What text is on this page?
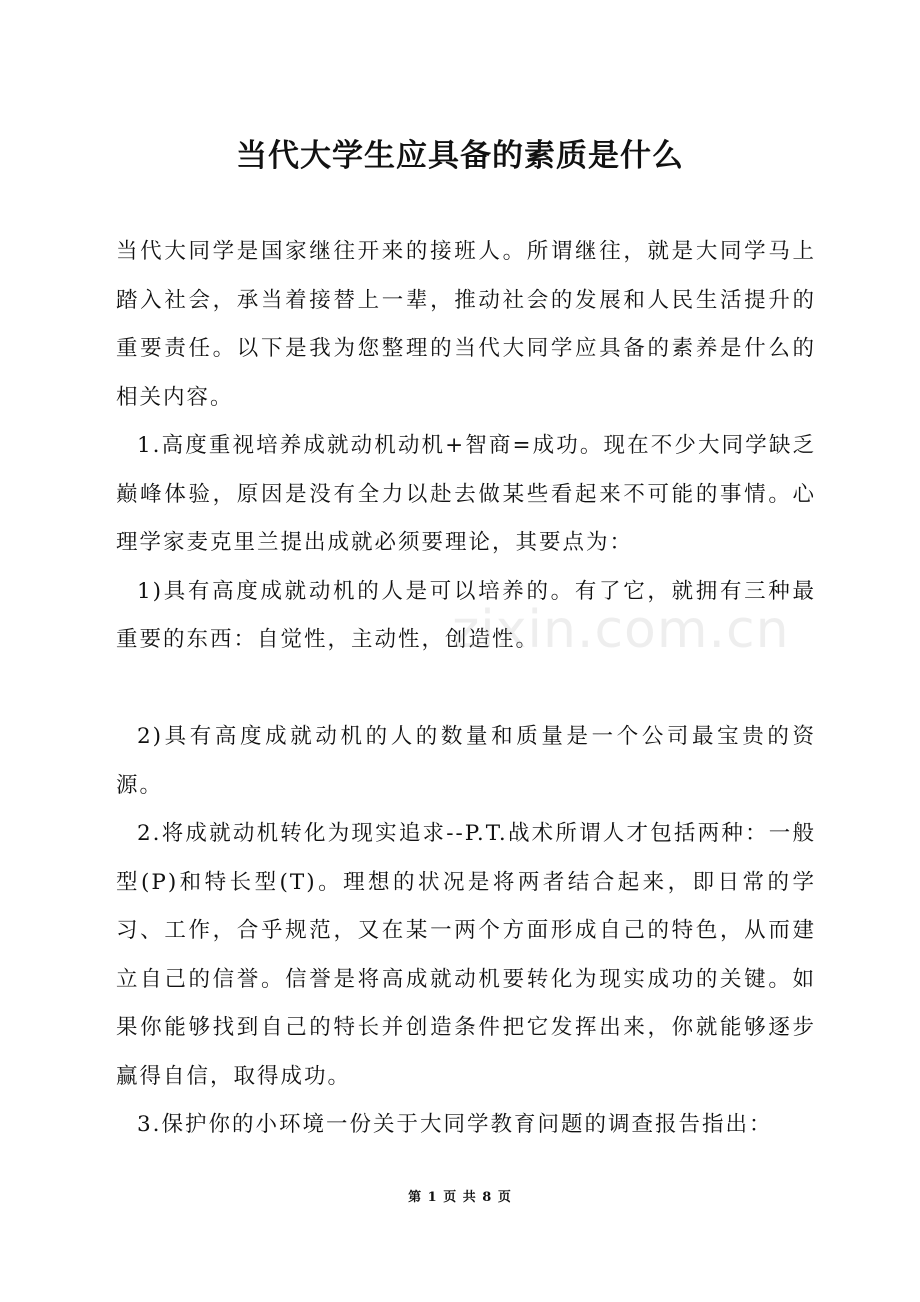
当代大学生应具备的素质是什么

当代大同学是国家继往开来的接班人。所谓继往，就是大同学马上踏入社会，承当着接替上一辈，推动社会的发展和人民生活提升的重要责任。以下是我为您整理的当代大同学应具备的素养是什么的相关内容。

1.高度重视培养成就动机动机+智商=成功。现在不少大同学缺乏巅峰体验，原因是没有全力以赴去做某些看起来不可能的事情。心理学家麦克里兰提出成就必须要理论，其要点为：

1)具有高度成就动机的人是可以培养的。有了它，就拥有三种最重要的东西：自觉性，主动性，创造性。

2)具有高度成就动机的人的数量和质量是一个公司最宝贵的资源。

2.将成就动机转化为现实追求--P.T.战术所谓人才包括两种：一般型(P)和特长型(T)。理想的状况是将两者结合起来，即日常的学习、工作，合乎规范，又在某一两个方面形成自己的特色，从而建立自己的信誉。信誉是将高成就动机要转化为现实成功的关键。如果你能够找到自己的特长并创造条件把它发挥出来，你就能够逐步赢得自信，取得成功。

3.保护你的小环境一份关于大同学教育问题的调查报告指出：

zixin.com.cn
第 1 页 共 8 页
